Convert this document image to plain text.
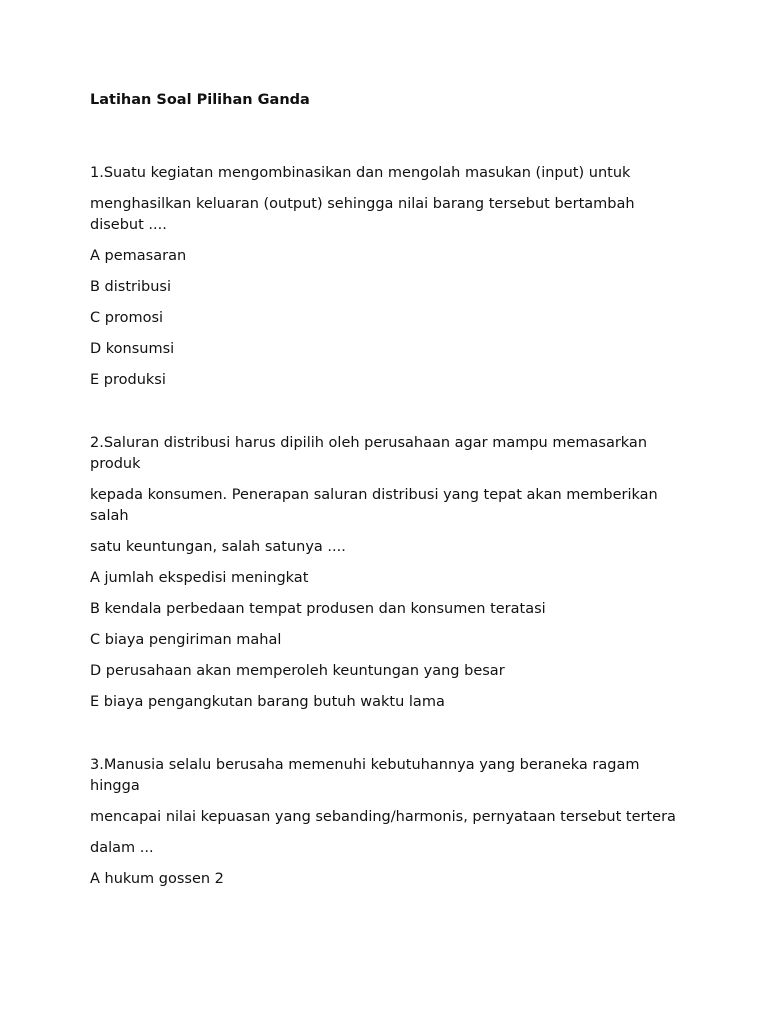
Latihan Soal Pilihan Ganda

1.Suatu kegiatan mengombinasikan dan mengolah masukan (input) untuk

menghasilkan keluaran (output) sehingga nilai barang tersebut bertambah disebut ....

A pemasaran

B distribusi

C promosi

D konsumsi

E produksi

2.Saluran distribusi harus dipilih oleh perusahaan agar mampu memasarkan produk

kepada konsumen. Penerapan saluran distribusi yang tepat akan memberikan salah

satu keuntungan, salah satunya ....

A jumlah ekspedisi meningkat

B kendala perbedaan tempat produsen dan konsumen teratasi

C biaya pengiriman mahal

D perusahaan akan memperoleh keuntungan yang besar

E biaya pengangkutan barang butuh waktu lama

3.Manusia selalu berusaha memenuhi kebutuhannya yang beraneka ragam hingga

mencapai nilai kepuasan yang sebanding/harmonis, pernyataan tersebut tertera

dalam ...

A hukum gossen 2
